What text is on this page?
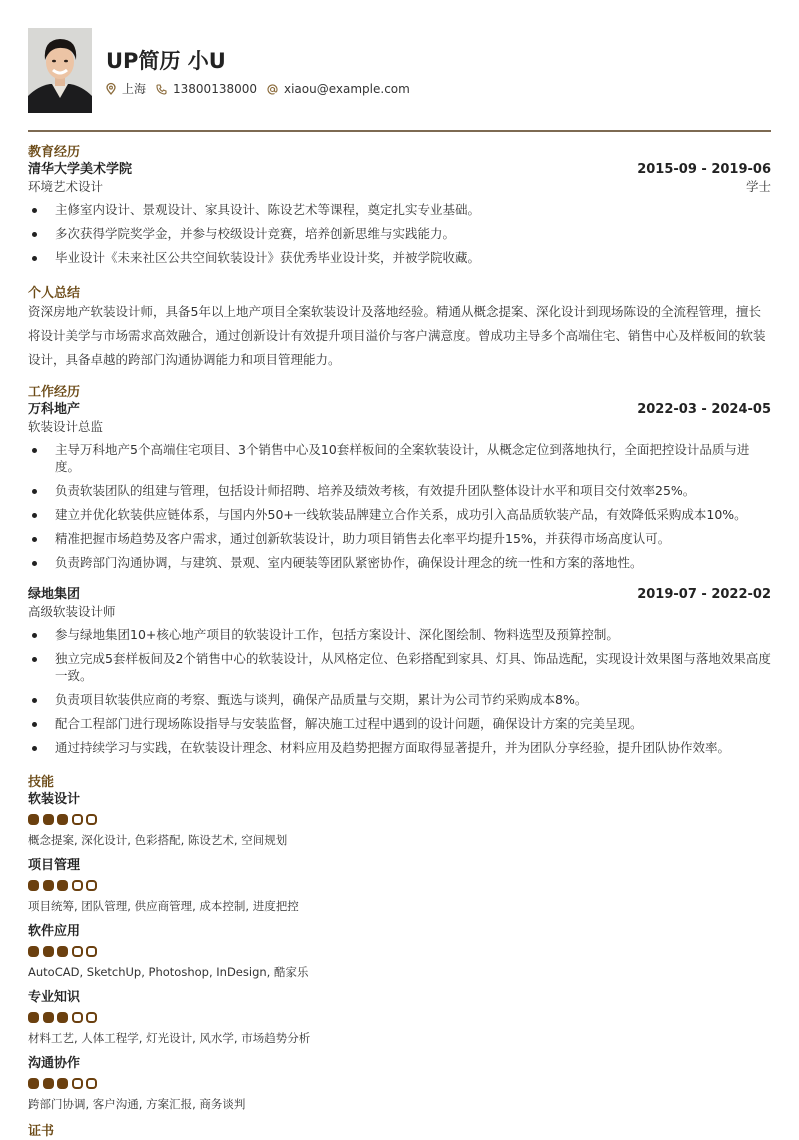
UP简历 小U
上海 13800138000 xiaou@example.com
教育经历
清华大学美术学院	2015-09 - 2019-06
环境艺术设计	学士
主修室内设计、景观设计、家具设计、陈设艺术等课程，奠定扎实专业基础。
多次获得学院奖学金，并参与校级设计竞赛，培养创新思维与实践能力。
毕业设计《未来社区公共空间软装设计》获优秀毕业设计奖，并被学院收藏。
个人总结
资深房地产软装设计师，具备5年以上地产项目全案软装设计及落地经验。精通从概念提案、深化设计到现场陈设的全流程管理，擅长将设计美学与市场需求高效融合，通过创新设计有效提升项目溢价与客户满意度。曾成功主导多个高端住宅、销售中心及样板间的软装设计，具备卓越的跨部门沟通协调能力和项目管理能力。
工作经历
万科地产	2022-03 - 2024-05
软装设计总监
主导万科地产5个高端住宅项目、3个销售中心及10套样板间的全案软装设计，从概念定位到落地执行，全面把控设计品质与进度。
负责软装团队的组建与管理，包括设计师招聘、培养及绩效考核，有效提升团队整体设计水平和项目交付效率25%。
建立并优化软装供应链体系，与国内外50+一线软装品牌建立合作关系，成功引入高品质软装产品，有效降低采购成本10%。
精准把握市场趋势及客户需求，通过创新软装设计，助力项目销售去化率平均提升15%，并获得市场高度认可。
负责跨部门沟通协调，与建筑、景观、室内硬装等团队紧密协作，确保设计理念的统一性和方案的落地性。
绿地集团	2019-07 - 2022-02
高级软装设计师
参与绿地集团10+核心地产项目的软装设计工作，包括方案设计、深化图绘制、物料选型及预算控制。
独立完成5套样板间及2个销售中心的软装设计，从风格定位、色彩搭配到家具、灯具、饰品选配，实现设计效果图与落地效果高度一致。
负责项目软装供应商的考察、甄选与谈判，确保产品质量与交期，累计为公司节约采购成本8%。
配合工程部门进行现场陈设指导与安装监督，解决施工过程中遇到的设计问题，确保设计方案的完美呈现。
通过持续学习与实践，在软装设计理念、材料应用及趋势把握方面取得显著提升，并为团队分享经验，提升团队协作效率。
技能
软装设计
概念提案, 深化设计, 色彩搭配, 陈设艺术, 空间规划
项目管理
项目统筹, 团队管理, 供应商管理, 成本控制, 进度把控
软件应用
AutoCAD, SketchUp, Photoshop, InDesign, 酷家乐
专业知识
材料工艺, 人体工程学, 灯光设计, 风水学, 市场趋势分析
沟通协作
跨部门协调, 客户沟通, 方案汇报, 商务谈判
证书
